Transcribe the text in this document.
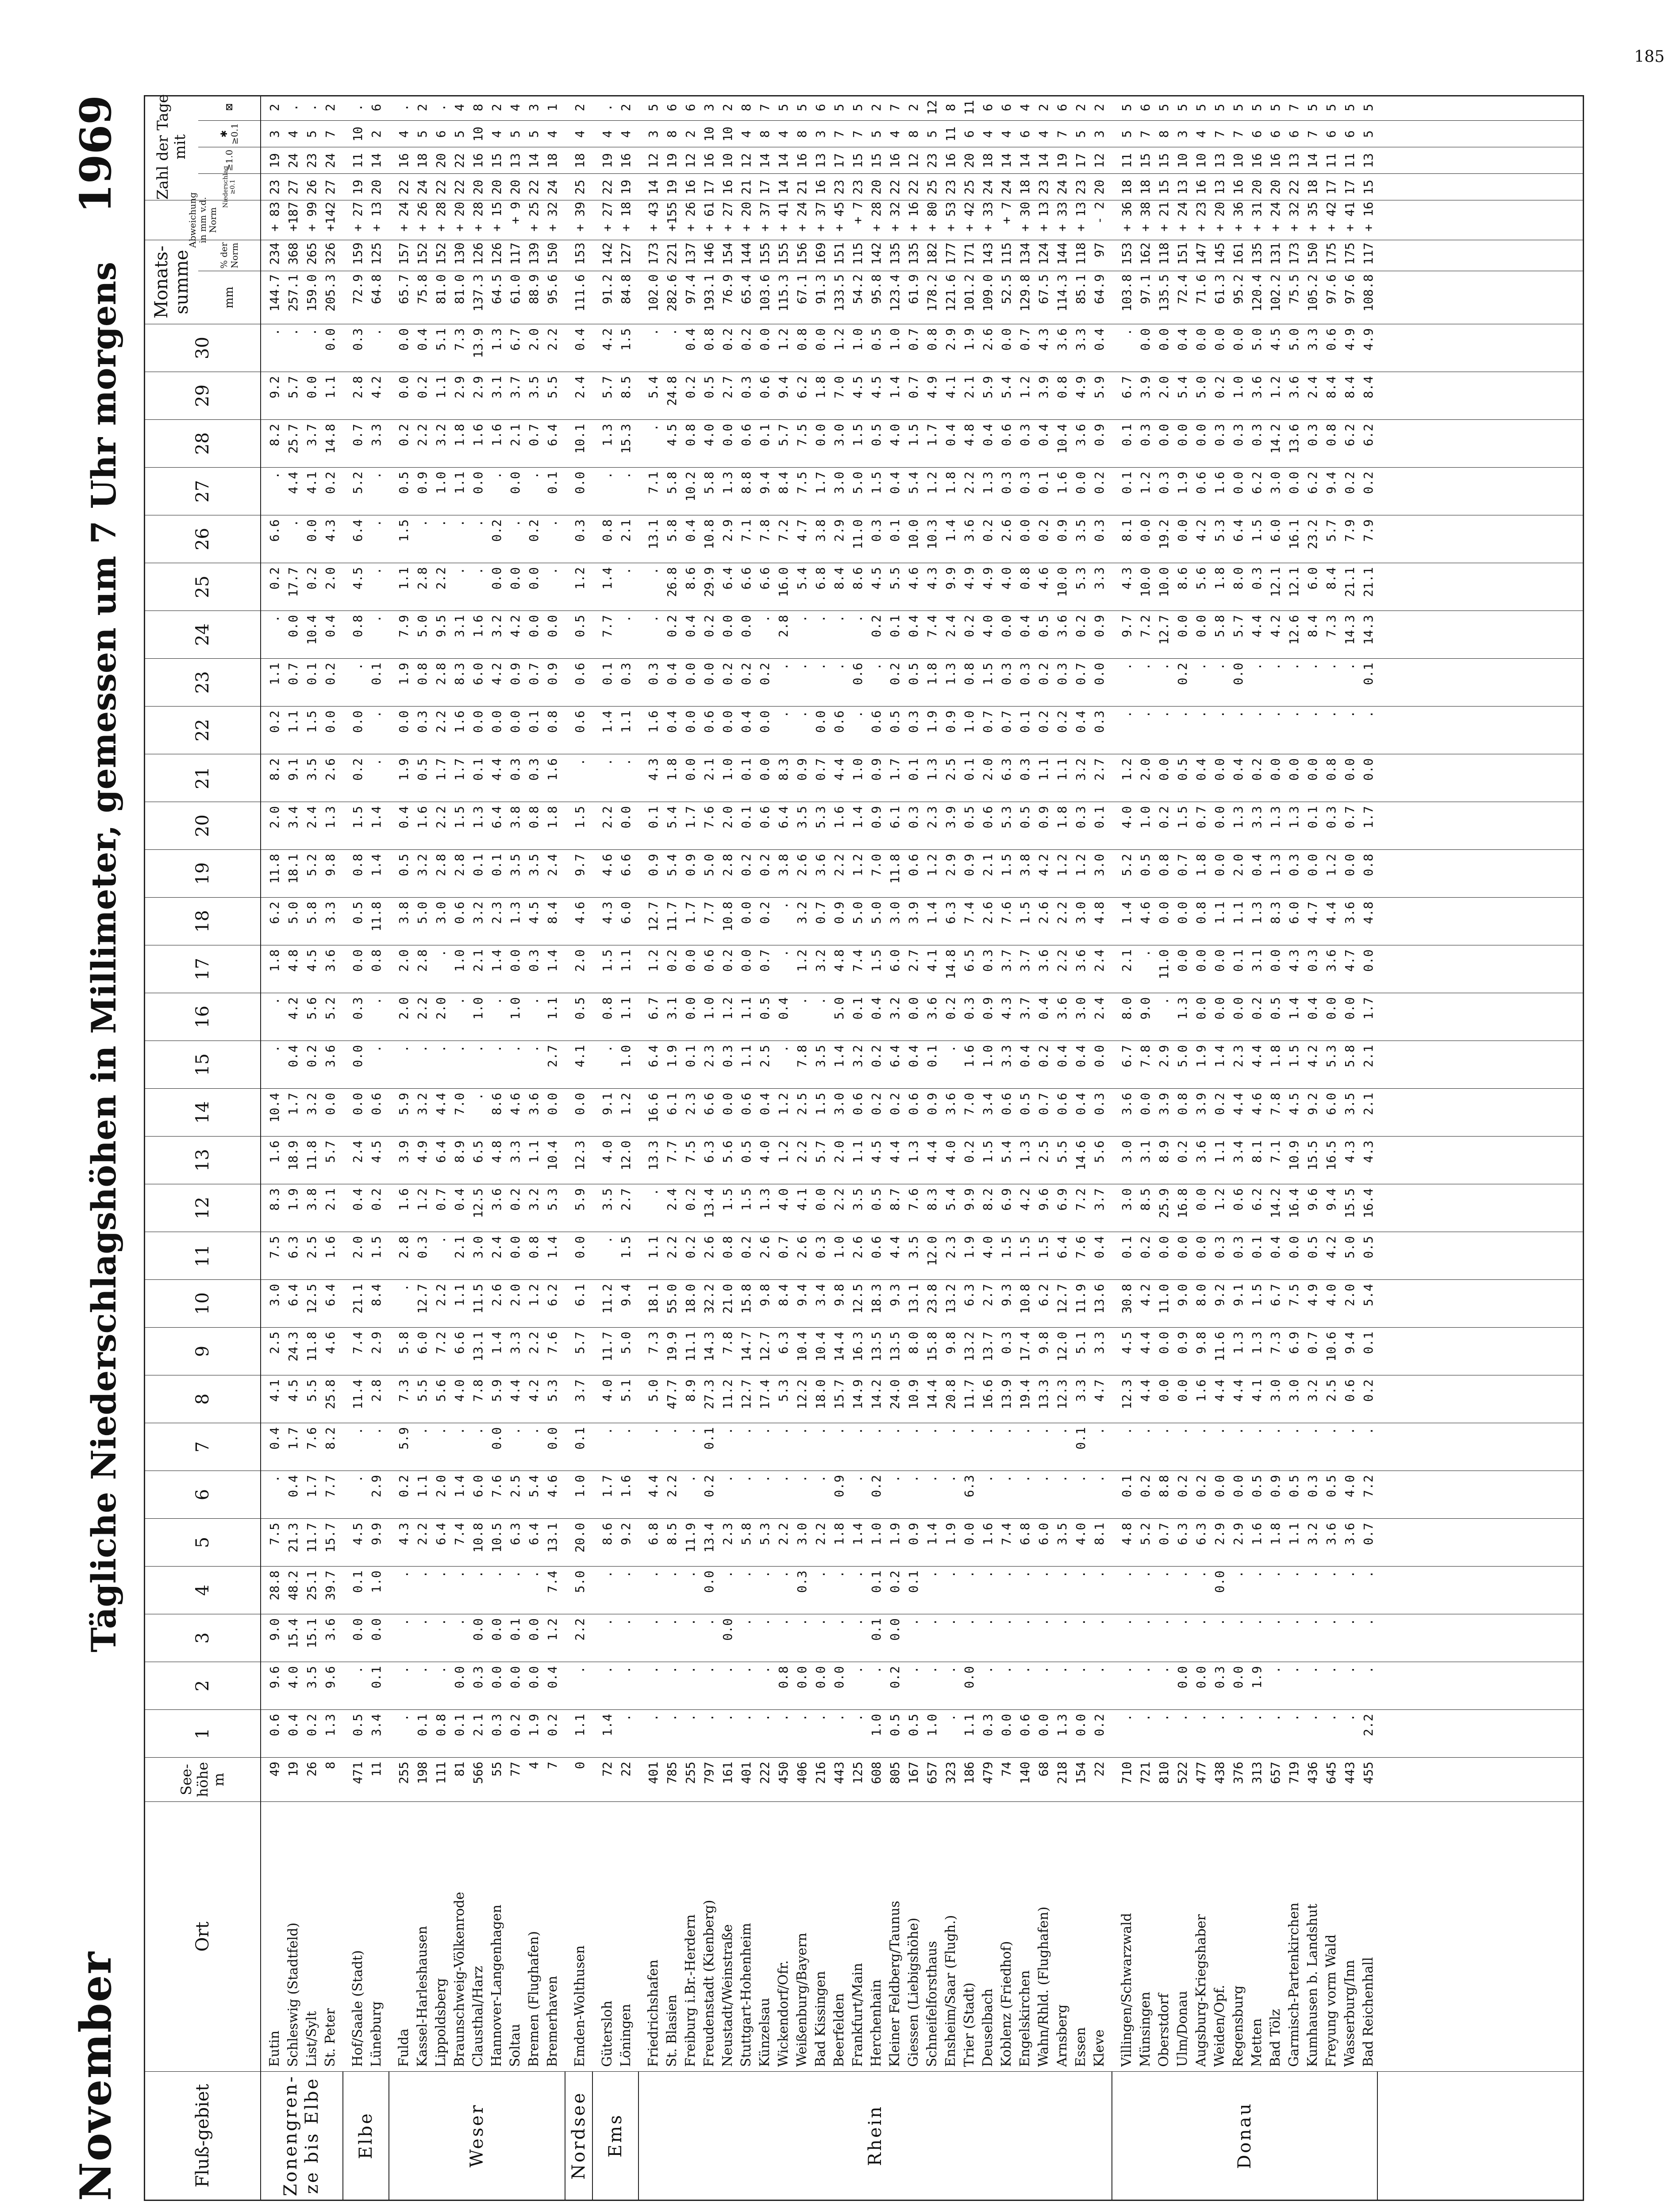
185
November
Tägliche Niederschlagshöhen in Millimeter, gemessen um 7 Uhr morgens
1969
Fluß-gebiet
Ort
See-höhe m
1
2
3
4
5
6
7
8
9
10
11
12
13
14
15
16
17
18
19
20
21
22
23
24
25
26
27
28
29
30
Monats-summe	mm
% der Norm
Abweichung in mm v.d. Norm
Zahl der Tage mit
Niederschlag ≥0.1
≥1.0
✱ ≥0.1
⊠
Zonengren-ze bis Elbe
Eutin
49
0.6
9.6
9.0
28.8
7.5
.
0.4
4.1
2.5
3.0
7.5
8.3
1.6
10.4
.
.
1.8
6.2
11.8
2.0
8.2
0.2
1.1
.
0.2
6.6
.
8.2
9.2
.
144.7
234
+ 83
23
19
3
2
Schleswig (Stadtfeld)
19
0.4
4.0
15.4
48.2
21.3
0.4
1.7
4.5
24.3
6.4
6.3
1.9
18.9
1.7
0.4
4.2
4.8
5.0
18.1
3.4
9.1
1.1
0.7
0.0
17.7
.
4.4
25.7
5.7
.
257.1
368
+187
27
24
4
.
List/Sylt
26
0.2
3.5
15.1
25.1
11.7
1.7
7.6
5.5
11.8
12.5
2.5
3.8
11.8
3.2
0.2
5.6
4.5
5.8
5.2
2.4
3.5
1.5
0.1
10.4
0.2
0.0
4.1
3.7
0.0
.
159.0
265
+ 99
26
23
5
.
St. Peter
8
1.3
9.6
3.6
39.7
15.7
7.7
8.2
25.8
4.6
6.4
1.6
2.1
5.7
0.0
3.6
5.2
3.6
3.3
9.8
1.3
2.6
0.0
0.2
0.4
2.0
4.3
0.2
14.8
1.1
0.0
205.3
326
+142
27
24
7
2
Elbe
Hof/Saale (Stadt)
471
0.5
.
0.0
0.1
4.5
.
.
11.4
7.4
21.1
2.0
0.4
2.4
0.0
0.0
0.3
0.0
0.5
0.8
1.5
0.2
0.0
.
0.8
4.5
6.4
5.2
0.7
2.8
0.3
72.9
159
+ 27
19
11
10
.
Lüneburg
11
3.4
0.1
0.0
1.0
9.9
2.9
.
2.8
2.9
8.4
1.5
0.2
4.5
0.6
.
.
0.8
11.8
1.4
1.4
.
.
0.1
.
.
.
.
3.3
4.2
.
64.8
125
+ 13
20
14
2
6
Weser
Fulda
255
.
.
.
.
4.3
0.2
5.9
7.3
5.8
.
2.8
1.6
3.9
5.9
.
2.0
2.0
3.8
0.5
0.4
1.9
0.0
1.9
7.9
1.1
1.5
0.5
0.2
0.0
0.0
65.7
157
+ 24
22
16
4
.
Kassel-Harleshausen
198
0.1
.
.
.
2.2
1.1
.
5.5
6.0
12.7
0.3
1.2
4.9
3.2
.
2.2
2.8
5.0
3.2
1.6
0.5
0.3
0.8
5.0
2.8
.
0.9
2.2
0.2
0.4
75.8
152
+ 26
24
18
5
2
Lippoldsberg
111
0.8
.
.
.
6.4
2.0
.
5.6
7.2
2.2
.
0.7
6.4
4.4
.
2.0
.
3.0
2.8
2.2
1.7
2.2
2.8
9.5
2.2
.
1.0
3.2
1.1
5.1
81.0
152
+ 28
22
20
6
.
Braunschweig-Völkenrode
81
0.1
0.0
.
.
7.4
1.4
.
4.0
6.6
1.1
2.1
0.4
8.9
7.0
.
.
1.0
0.6
2.8
1.5
1.7
1.6
8.3
3.1
.
.
1.1
1.8
2.9
7.3
81.0
130
+ 20
22
22
5
4
Clausthal/Harz
566
2.1
0.3
0.0
.
10.8
6.0
.
7.8
13.1
11.5
3.0
12.5
6.5
.
.
1.0
2.1
3.2
0.1
1.3
0.1
0.0
6.0
1.6
.
.
0.0
1.6
2.9
13.9
137.3
126
+ 28
20
16
10
8
Hannover-Langenhagen
55
0.3
0.0
0.0
.
10.5
7.6
0.0
5.9
1.4
2.6
2.4
3.6
4.8
8.6
.
.
1.4
2.3
0.1
6.4
4.4
0.0
4.2
3.2
0.0
0.2
.
1.6
3.1
1.3
64.5
126
+ 15
20
15
4
2
Soltau
77
0.2
0.0
0.1
.
6.3
2.5
.
4.4
3.3
2.0
0.0
0.2
3.3
4.6
.
1.0
0.0
1.3
3.5
3.8
0.3
0.0
0.9
4.2
0.0
.
0.0
2.1
3.7
6.7
61.0
117
+ 9
20
13
5
4
Bremen (Flughafen)
4
1.9
0.0
0.0
.
6.4
5.4
.
4.2
2.2
1.2
0.8
3.2
1.1
3.6
.
.
0.3
4.5
3.5
0.8
0.3
0.1
0.7
0.0
0.0
0.2
.
0.7
3.5
2.0
88.9
139
+ 25
22
14
5
3
Bremerhaven
7
0.2
0.4
1.2
7.4
13.1
4.6
0.0
5.3
7.6
6.2
1.4
5.3
10.4
0.0
2.7
1.1
1.4
8.4
2.4
1.8
1.6
0.8
0.9
0.0
.
.
0.1
6.4
5.5
2.2
95.6
150
+ 32
24
18
4
1
Nordsee
Emden-Wolthusen
0
1.1
.
2.2
5.0
20.0
1.0
0.1
3.7
5.7
6.1
0.0
5.9
12.3
0.0
4.1
0.5
2.0
4.6
9.7
1.5
.
0.6
0.6
0.5
1.2
0.3
0.0
10.1
2.4
0.4
111.6
153
+ 39
25
18
4
2
Ems
Gütersloh
72
1.4
.
.
.
8.6
1.7
.
4.0
11.7
11.2
.
3.5
4.0
9.1
.
0.8
1.5
4.3
4.6
2.2
.
1.4
0.1
7.7
1.4
0.8
.
1.3
5.7
4.2
91.2
142
+ 27
22
19
4
.
Löningen
22
.
.
.
.
9.2
1.6
.
5.1
5.0
9.4
1.5
2.7
12.0
1.2
1.0
1.1
1.1
6.0
6.6
0.0
.
1.1
0.3
.
.
2.1
.
15.3
8.5
1.5
84.8
127
+ 18
19
16
4
2
Rhein
Friedrichshafen
401
.
.
.
.
6.8
4.4
.
5.0
7.3
18.1
1.1
.
13.3
16.6
6.4
6.7
1.2
12.7
0.9
0.1
4.3
1.6
0.3
.
.
13.1
7.1
.
5.4
.
102.0
173
+ 43
14
12
3
5
St. Blasien
785
.
.
.
.
8.5
2.2
.
47.7
19.9
55.0
2.2
2.4
7.7
6.1
1.9
3.1
0.2
11.7
5.4
5.4
1.8
0.4
0.4
0.2
26.8
5.8
5.8
4.5
24.8
.
282.6
221
+155
19
19
8
6
Freiburg i.Br.-Herdern
255
.
.
.
.
11.9
.
.
8.9
11.1
18.0
0.2
0.2
7.5
2.3
0.1
0.0
0.0
1.7
0.9
1.7
0.0
0.0
0.0
0.4
8.6
0.4
10.2
0.8
0.2
0.4
97.4
137
+ 26
16
12
2
6
Freudenstadt (Kienberg)
797
.
.
.
0.0
13.4
0.2
0.1
27.3
14.3
32.2
2.6
13.4
6.3
6.6
2.3
1.0
0.6
7.7
5.0
7.6
2.1
0.6
0.0
0.2
29.9
10.8
5.8
4.0
0.5
0.8
193.1
146
+ 61
17
16
10
3
Neustadt/Weinstraße
161
.
.
0.0
.
2.3
.
.
11.2
7.8
21.0
0.8
1.5
5.6
0.0
0.3
1.2
0.2
10.8
2.8
2.0
1.0
0.0
0.2
0.0
6.4
2.9
1.3
0.0
2.7
0.2
76.9
154
+ 27
16
10
10
2
Stuttgart-Hohenheim
401
.
.
.
.
5.8
.
.
12.7
14.7
15.8
0.2
1.5
0.5
0.6
1.1
1.1
0.0
0.0
0.2
0.1
0.1
0.4
0.2
0.0
6.6
7.1
8.8
0.6
0.3
0.2
65.4
144
+ 20
21
12
4
8
Künzelsau
222
.
.
.
.
5.3
.
.
17.4
12.7
9.8
2.6
1.3
4.0
0.4
2.5
0.5
0.7
0.2
0.2
0.6
0.0
0.0
0.2
.
6.6
7.8
9.4
0.1
0.6
0.0
103.6
155
+ 37
17
14
8
7
Wickendorf/Ofr.
450
.
0.8
.
.
2.2
.
.
5.3
6.3
8.4
0.7
4.0
1.2
1.2
.
0.4
.
.
3.8
6.4
8.3
.
.
2.8
16.0
7.2
8.4
5.7
9.4
1.2
115.3
155
+ 41
14
14
4
5
Weißenburg/Bayern
406
.
0.0
.
0.3
3.0
.
.
12.2
10.4
9.4
2.6
4.1
2.2
2.5
7.8
.
1.2
3.2
2.6
3.5
0.9
.
.
.
5.4
4.7
7.5
7.5
6.2
0.8
67.1
156
+ 24
21
16
8
5
Bad Kissingen
216
.
0.0
.
.
2.2
.
.
18.0
10.4
3.4
0.3
0.0
5.7
1.5
3.5
.
3.2
0.7
3.6
5.3
0.7
0.0
.
.
6.8
3.8
1.7
0.0
1.8
0.0
91.3
169
+ 37
16
13
3
6
Beerfelden
443
.
0.0
.
.
1.8
0.9
.
15.7
14.4
9.8
1.0
2.2
2.0
3.0
1.4
5.0
4.8
0.9
2.2
1.6
4.4
0.6
.
.
8.4
2.9
3.0
3.0
7.0
1.2
133.5
151
+ 45
23
17
7
5
Frankfurt/Main
125
.
.
.
.
1.4
.
.
14.9
16.3
12.5
2.6
3.5
1.1
0.6
3.2
0.1
7.4
5.0
1.2
1.4
1.0
.
0.6
.
8.6
11.0
5.0
1.5
4.5
1.0
54.2
115
+ 7
23
15
7
5
Herchenhain
608
1.0
.
0.1
0.1
1.0
0.2
.
14.2
13.5
18.3
0.6
0.5
4.5
0.2
0.2
0.4
1.5
5.0
7.0
0.9
0.9
0.6
.
0.2
4.5
0.3
1.5
0.5
4.5
0.5
95.8
142
+ 28
20
15
5
2
Kleiner Feldberg/Taunus
805
0.5
0.2
0.0
0.2
1.9
.
.
24.0
13.5
9.3
4.4
8.7
4.4
0.2
6.4
3.2
6.0
3.0
11.8
6.1
1.7
0.5
0.2
0.1
5.5
0.1
0.4
4.0
1.4
1.0
123.4
135
+ 32
22
16
4
7
Giessen (Liebigshöhe)
167
0.5
.
.
0.1
0.9
.
.
10.9
8.0
13.1
3.5
7.6
1.3
0.6
0.4
0.0
2.7
3.9
0.6
0.3
0.1
0.3
0.5
0.4
4.6
10.0
5.4
1.5
0.7
0.7
61.9
135
+ 16
22
12
8
2
Schneifelforsthaus
657
1.0
.
.
.
1.4
.
.
14.4
15.8
23.8
12.0
8.3
4.4
0.9
0.1
3.6
4.1
1.4
1.2
2.3
1.3
1.9
1.8
7.4
4.3
10.3
1.2
1.7
4.9
0.8
178.2
182
+ 80
25
23
5
12
Ensheim/Saar (Flugh.)
323
.
.
.
.
1.9
.
.
20.8
9.8
13.2
2.3
5.4
4.0
3.6
.
0.2
14.8
6.3
2.9
3.9
2.5
0.9
1.3
2.4
9.9
1.4
1.8
0.4
4.1
2.9
121.6
177
+ 53
23
16
11
8
Trier (Stadt)
186
1.1
0.0
.
.
0.0
6.3
.
11.7
13.2
6.3
1.9
9.9
0.2
7.0
1.6
0.3
6.5
7.4
0.9
0.5
0.1
1.0
0.8
0.2
4.9
3.6
2.2
4.8
2.1
1.9
101.2
171
+ 42
25
20
6
11
Deuselbach
479
0.3
.
.
.
1.6
.
.
16.6
13.7
2.7
4.0
8.2
1.5
3.4
1.0
0.9
0.3
2.6
2.1
0.6
2.0
0.7
1.5
4.0
4.9
0.2
1.3
0.4
5.9
2.6
109.0
143
+ 33
24
18
4
6
Koblenz (Friedhof)
74
0.0
.
.
.
7.4
.
.
13.9
0.3
9.3
1.5
6.9
5.4
0.6
3.3
4.3
3.7
7.6
1.5
5.3
6.3
0.7
0.3
0.0
4.0
2.6
0.3
0.6
5.4
0.0
52.5
115
+ 7
24
14
4
6
Engelskirchen
140
0.6
.
.
.
6.8
.
.
19.4
17.4
10.8
1.5
4.2
1.3
0.5
0.4
3.7
3.7
1.5
3.8
0.5
0.3
0.1
0.3
0.4
0.8
0.0
0.3
0.3
1.2
0.7
129.8
134
+ 30
18
14
6
4
Wahn/Rhld. (Flughafen)
68
0.0
.
.
.
6.0
.
.
13.3
9.8
6.2
1.5
9.6
2.5
0.7
0.2
0.4
3.6
2.6
4.2
0.9
1.1
0.2
0.2
0.5
4.6
0.2
0.1
0.4
3.9
4.3
67.5
124
+ 13
23
14
4
2
Arnsberg
218
1.3
.
.
.
3.5
.
.
12.3
12.0
12.7
6.4
6.9
5.5
0.6
0.4
3.6
2.2
2.2
1.2
1.8
1.1
0.2
0.3
3.6
10.0
0.9
1.6
10.4
0.8
3.6
114.3
144
+ 33
24
19
7
6
Essen
154
0.0
.
.
.
4.0
.
0.1
3.3
5.1
11.9
7.6
7.2
14.6
0.4
0.4
3.0
3.6
3.0
1.2
0.3
3.2
0.4
0.7
0.2
5.3
3.5
0.0
3.6
4.9
3.3
85.1
118
+ 13
23
17
5
2
Kleve
22
0.2
.
.
.
8.1
.
.
4.7
3.3
13.6
0.4
3.7
5.6
0.3
0.0
2.4
2.4
4.8
3.0
0.1
2.7
0.3
0.0
0.9
3.3
0.3
0.2
0.9
5.9
0.4
64.9
97
- 2
20
12
3
2
Donau
Villingen/Schwarzwald
710
.
.
.
.
4.8
0.1
.
12.3
4.5
30.8
0.1
3.0
3.0
3.6
6.7
8.0
2.1
1.4
5.2
4.0
1.2
.
.
9.7
4.3
8.1
0.1
0.1
6.7
.
103.8
153
+ 36
18
11
5
5
Münsingen
721
.
.
.
.
5.2
0.2
.
4.4
4.4
4.2
0.2
8.5
3.1
0.0
7.8
9.0
.
4.6
0.5
1.0
2.0
.
.
7.2
10.0
0.0
1.2
0.3
3.9
0.0
97.1
162
+ 38
18
15
7
6
Oberstdorf
810
.
.
.
.
0.7
8.8
.
0.0
0.0
11.0
0.0
25.9
8.9
3.9
2.9
.
11.0
0.0
0.8
0.2
0.0
.
.
12.7
10.0
19.2
0.3
0.0
2.0
0.0
135.5
118
+ 21
15
15
8
5
Ulm/Donau
522
.
0.0
.
.
6.3
0.2
.
0.0
0.9
9.0
0.0
16.8
0.2
0.8
5.0
1.3
0.0
0.0
0.7
1.5
0.5
.
0.2
0.0
8.6
0.0
1.9
0.0
5.4
0.4
72.4
151
+ 24
13
10
3
5
Augsburg-Kriegshaber
477
.
0.0
.
.
6.3
0.2
.
1.6
9.8
8.0
0.0
0.0
3.6
3.9
1.9
0.0
0.0
0.8
1.8
0.7
0.4
.
.
0.0
5.6
4.2
0.6
0.0
5.0
0.0
71.6
147
+ 23
16
10
4
5
Weiden/Opf.
438
.
0.3
.
0.0
2.9
0.0
.
4.4
11.6
9.2
0.3
1.2
1.1
0.2
1.4
0.0
0.0
1.1
0.0
0.0
0.0
.
.
5.8
1.8
5.3
1.6
0.3
0.2
0.0
61.3
145
+ 20
13
13
7
5
Regensburg
376
.
0.0
.
.
2.9
0.0
.
4.4
1.3
9.1
0.3
0.6
3.4
4.4
2.3
0.0
0.1
1.1
2.0
1.3
0.4
.
0.0
5.7
8.0
6.4
0.0
0.3
1.0
0.0
95.2
161
+ 36
16
10
7
5
Metten
313
.
1.9
.
.
1.6
0.5
.
4.1
1.3
1.5
0.1
6.2
8.1
4.6
4.4
0.2
3.1
1.3
0.4
3.3
0.2
.
.
4.4
0.3
1.5
6.2
0.3
3.6
5.0
120.4
135
+ 31
20
16
6
5
Bad Tölz
657
.
.
.
.
1.8
0.9
.
3.0
7.3
6.7
0.4
14.2
7.1
7.8
1.8
0.5
0.0
8.3
1.3
1.3
0.0
.
.
4.2
12.1
6.0
3.0
14.2
1.2
4.5
102.2
131
+ 24
20
16
6
5
Garmisch-Partenkirchen
719
.
.
.
.
1.1
0.5
.
3.0
6.9
7.5
0.0
16.4
10.9
4.5
1.5
1.4
4.3
6.0
0.3
1.3
0.0
.
.
12.6
12.1
16.1
0.0
13.6
3.6
5.0
75.5
173
+ 32
22
13
6
7
Kumhausen b. Landshut
436
.
.
.
.
3.2
0.3
.
3.2
0.7
4.9
0.5
9.6
15.5
9.2
4.2
0.4
0.3
4.7
0.0
0.1
0.0
.
.
8.4
6.0
23.2
6.2
0.3
2.4
3.3
105.2
150
+ 35
18
14
7
5
Freyung vorm Wald
645
.
.
.
.
3.6
0.5
.
2.5
10.6
4.0
4.2
9.4
16.5
6.0
5.3
0.0
3.6
4.4
1.2
0.3
0.8
.
.
7.3
8.4
5.7
9.4
0.8
8.4
0.6
97.6
175
+ 42
17
11
6
5
Wasserburg/Inn
443
.
.
.
.
3.6
4.0
.
0.6
9.4
2.0
5.0
15.5
4.3
3.5
5.8
0.0
4.7
3.6
0.0
0.7
0.0
.
.
14.3
21.1
7.9
0.2
6.2
8.4
4.9
97.6
175
+ 41
17
11
6
5
Bad Reichenhall
455
2.2
.
.
.
0.7
7.2
.
0.2
0.1
5.4
0.5
16.4
4.3
2.1
2.1
1.7
0.0
4.8
0.8
1.7
0.0
.
0.1
14.3
21.1
7.9
0.2
6.2
8.4
4.9
108.8
117
+ 16
15
13
5
5
